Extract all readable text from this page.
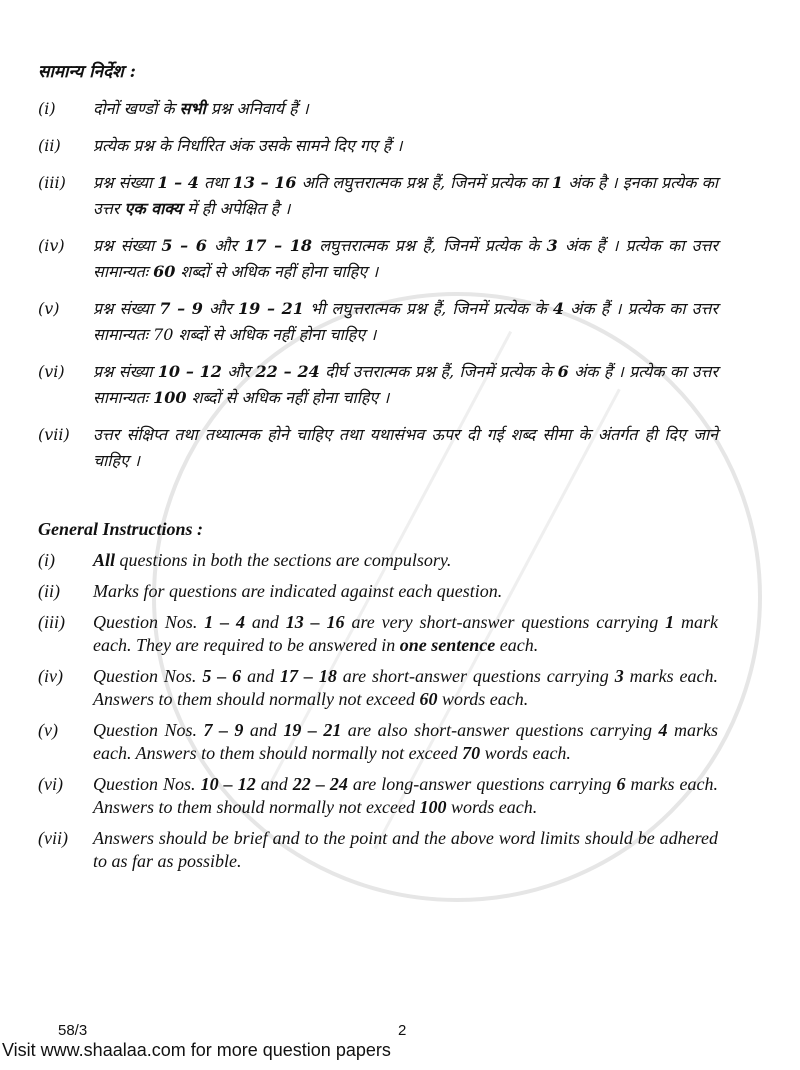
सामान्य निर्देश :
(i) दोनों खण्डों के सभी प्रश्न अनिवार्य हैं ।
(ii) प्रत्येक प्रश्न के निर्धारित अंक उसके सामने दिए गए हैं ।
(iii) प्रश्न संख्या 1 – 4 तथा 13 – 16 अति लघुत्तरात्मक प्रश्न हैं, जिनमें प्रत्येक का 1 अंक है । इनका प्रत्येक का उत्तर एक वाक्य में ही अपेक्षित है ।
(iv) प्रश्न संख्या 5 – 6 और 17 – 18 लघुत्तरात्मक प्रश्न हैं, जिनमें प्रत्येक के 3 अंक हैं । प्रत्येक का उत्तर सामान्यतः 60 शब्दों से अधिक नहीं होना चाहिए ।
(v) प्रश्न संख्या 7 – 9 और 19 – 21 भी लघुत्तरात्मक प्रश्न हैं, जिनमें प्रत्येक के 4 अंक हैं । प्रत्येक का उत्तर सामान्यतः 70 शब्दों से अधिक नहीं होना चाहिए ।
(vi) प्रश्न संख्या 10 – 12 और 22 – 24 दीर्घ उत्तरात्मक प्रश्न हैं, जिनमें प्रत्येक के 6 अंक हैं । प्रत्येक का उत्तर सामान्यतः 100 शब्दों से अधिक नहीं होना चाहिए ।
(vii) उत्तर संक्षिप्त तथा तथ्यात्मक होने चाहिए तथा यथासंभव ऊपर दी गई शब्द सीमा के अंतर्गत ही दिए जाने चाहिए ।
General Instructions :
(i) All questions in both the sections are compulsory.
(ii) Marks for questions are indicated against each question.
(iii) Question Nos. 1 – 4 and 13 – 16 are very short-answer questions carrying 1 mark each. They are required to be answered in one sentence each.
(iv) Question Nos. 5 – 6 and 17 – 18 are short-answer questions carrying 3 marks each. Answers to them should normally not exceed 60 words each.
(v) Question Nos. 7 – 9 and 19 – 21 are also short-answer questions carrying 4 marks each. Answers to them should normally not exceed 70 words each.
(vi) Question Nos. 10 – 12 and 22 – 24 are long-answer questions carrying 6 marks each. Answers to them should normally not exceed 100 words each.
(vii) Answers should be brief and to the point and the above word limits should be adhered to as far as possible.
58/3	2
Visit www.shaalaa.com for more question papers
